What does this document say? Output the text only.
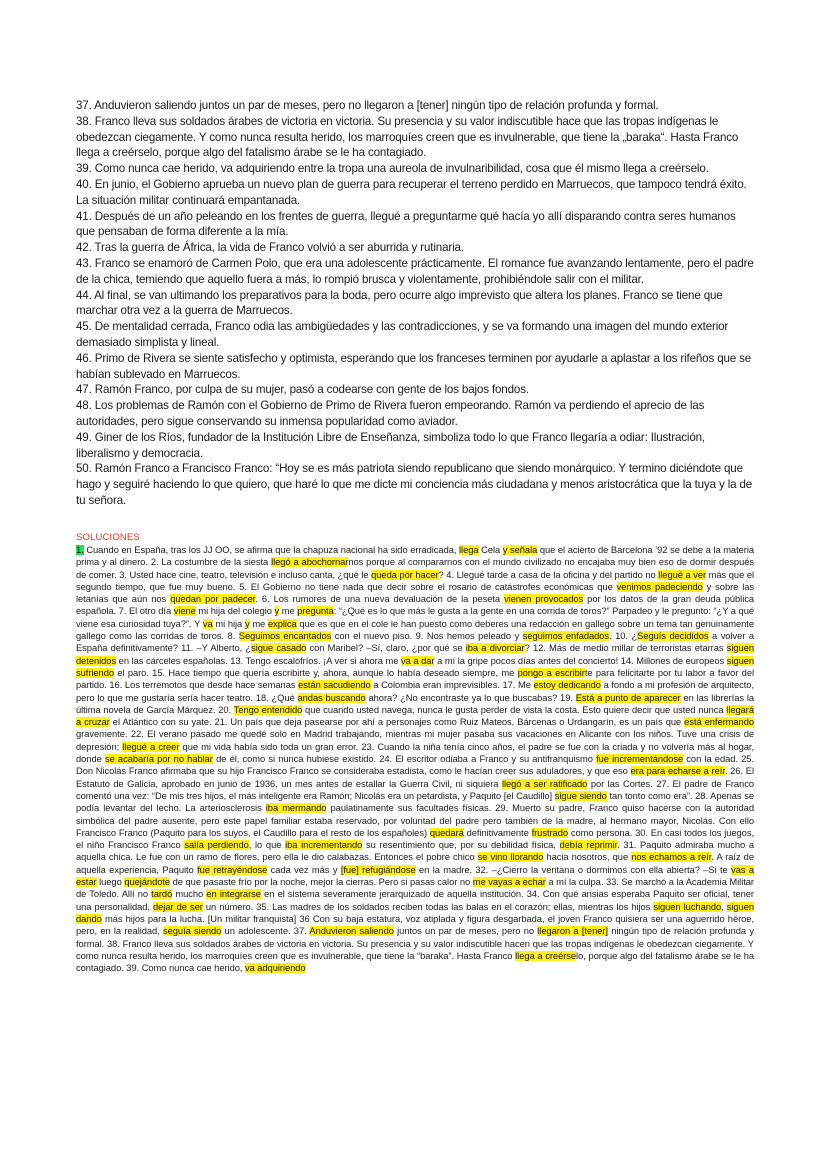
37. Anduvieron saliendo juntos un par de meses, pero no llegaron a [tener] ningún tipo de relación profunda y formal.

38. Franco lleva sus soldados árabes de victoria en victoria. Su presencia y su valor indiscutible hace que las tropas indígenas le obedezcan ciegamente. Y como nunca resulta herido, los marroquíes creen que es invulnerable, que tiene la „baraka“. Hasta Franco llega a creérselo, porque algo del fatalismo árabe se le ha contagiado.

39. Como nunca cae herido, va adquiriendo entre la tropa una aureola de invulnaribilidad, cosa que él mismo llega a creérselo.

40. En junio, el Gobierno aprueba un nuevo plan de guerra para recuperar el terreno perdido en Marruecos, que tampoco tendrá éxito. La situación militar continuará empantanada.

41. Después de un año peleando en los frentes de guerra, llegué a preguntarme qué hacía yo allí disparando contra seres humanos que pensaban de forma diferente a la mía.

42. Tras la guerra de África, la vida de Franco volvió a ser aburrida y rutinaria.

43. Franco se enamoró de Carmen Polo, que era una adolescente prácticamente. El romance fue avanzando lentamente, pero el padre de la chica, temiendo que aquello fuera a más, lo rompió brusca y violentamente, prohibiéndole salir con el militar.

44. Al final, se van ultimando los preparativos para la boda, pero ocurre algo imprevisto que altera los planes. Franco se tiene que marchar otra vez a la guerra de Marruecos.

45. De mentalidad cerrada, Franco odia las ambigüedades y las contradicciones, y se va formando una imagen del mundo exterior demasiado simplista y lineal.

46. Primo de Rivera se siente satisfecho y optimista, esperando que los franceses terminen por ayudarle a aplastar a los rifeños que se habían sublevado en Marruecos.

47. Ramón Franco, por culpa de su mujer, pasó a codearse con gente de los bajos fondos.

48. Los problemas de Ramón con el Gobierno de Primo de Rivera fueron empeorando. Ramón va perdiendo el aprecio de las autoridades, pero sigue conservando su inmensa popularidad como aviador.

49. Giner de los Ríos, fundador de la Institución Libre de Enseñanza, simboliza todo lo que Franco llegaría a odiar: Ilustración, liberalismo y democracia.

50. Ramón Franco a Francisco Franco: “Hoy se es más patriota siendo republicano que siendo monárquico. Y termino diciéndote que hago y seguiré haciendo lo que quiero, que haré lo que me dicte mi conciencia más ciudadana y menos aristocrática que la tuya y la de tu señora.

SOLUCIONES
1. Cuando en España, tras los JJ OO, se afirma que la chapuza nacional ha sido erradicada, llega Cela y señala que el acierto de Barcelona ’92 se debe a la materia prima y al dinero. 2. La costumbre de la siesta llegó a abochornarnos porque al compararnos con el mundo civilizado no encajaba muy bien eso de dormir después de comer. 3. Usted hace cine, teatro, televisión e incluso canta, ¿qué le queda por hacer? 4. Llegué tarde a casa de la oficina y del partido no llegué a ver más que el segundo tiempo, que fue muy bueno. 5. El Gobierno no tiene nada que decir sobre el rosario de catástrofes económicas que venimos padeciendo y sobre las letanías que aún nos quedan por padecer. 6. Los rumores de una nueva devaluación de la peseta vienen provocados por los datos de la gran deuda pública española. 7. El otro día viene mi hija del colegio y me pregunta: “¿Qué es lo que más le gusta a la gente en una corrida de toros?” Parpadeo y le pregunto: “¿Y a qué viene esa curiosidad tuya?”. Y va mi hija y me explica que es que en el cole le han puesto como deberes una redacción en gallego sobre un tema tan genuinamente gallego como las corridas de toros. 8. Seguimos encantados con el nuevo piso. 9. Nos hemos peleado y seguimos enfadados. 10. ¿Seguís decididos a volver a España definitivamente? 11. –Y Alberto, ¿sigue casado con Maribel? –Sí, claro, ¿por qué se iba a divorciar? 12. Más de medio millar de terroristas etarras siguen detenidos en las cárceles españolas. 13. Tengo escalofríos. ¡A ver si ahora me va a dar a mí la gripe pocos días antes del concierto! 14. Millones de europeos siguen sufriendo el paro. 15. Hace tiempo que quería escribirte y, ahora, aunque lo había deseado siempre, me pongo a escribirte para felicitarte por tu labor a favor del partido. 16. Los terremotos que desde hace semanas están sacudiendo a Colombia eran imprevisibles. 17. Me estoy dedicando a fondo a mi profesión de arquitecto, pero lo que me gustaría sería hacer teatro. 18. ¿Qué andas buscando ahora? ¿No encontraste ya lo que buscabas? 19. Está a punto de aparecer en las librerías la última novela de García Márquez. 20. Tengo entendido que cuando usted navega, nunca le gusta perder de vista la costa. Esto quiere decir que usted nunca llegará a cruzar el Atlántico con su yate. 21. Un país que deja pasearse por ahí a personajes como Ruiz Mateos, Bárcenas o Urdangarín, es un país que está enfermando gravemente. 22. El verano pasado me quedé solo en Madrid trabajando, mientras mi mujer pasaba sus vacaciones en Alicante con los niños. Tuve una crisis de depresión; llegué a creer que mi vida había sido toda un gran error. 23. Cuando la niña tenía cinco años, el padre se fue con la criada y no volvería más al hogar, donde se acabaría por no hablar de él, como si nunca hubiese existido. 24. El escritor odiaba a Franco y su antifranquismo fue incrementándose con la edad. 25. Don Nicolás Franco afirmaba que su hijo Francisco Franco se consideraba estadista, como le hacían creer sus aduladores, y que eso era para echarse a reír. 26. El Estatuto de Galicia, aprobado en junio de 1936, un mes antes de estallar la Guerra Civil, ni siquiera llegó a ser ratificado por las Cortes. 27. El padre de Franco comentó una vez: “De mis tres hijos, el más inteligente era Ramón; Nicolás era un petardista, y Paquito [el Caudillo] sigue siendo tan tonto como era”. 28. Apenas se podía levantar del lecho. La arteriosclerosis iba mermando paulatinamente sus facultades físicas. 29. Muerto su padre, Franco quiso hacerse con la autoridad simbólica del padre ausente, pero este papel familiar estaba reservado, por voluntad del padre pero también de la madre, al hermano mayor, Nicolás. Con ello Francisco Franco (Paquito para los suyos, el Caudillo para el resto de los españoles) quedará definitivamente frustrado como persona. 30. En casi todos los juegos, el niño Francisco Franco salía perdiendo, lo que iba incrementando su resentimiento que, por su debilidad física, debía reprimir. 31. Paquito admiraba mucho a aquella chica. Le fue con un ramo de flores, pero ella le dio calabazas. Entonces el pobre chico se vino llorando hacia nosotros, que nos echamos a reír. A raíz de aquella experiencia, Paquito fue retrayéndose cada vez más y [fue] refugiándose en la madre. 32. –¿Cierro la ventana o dormimos con ella abierta? –Si te vas a estar luego quejándote de que pasaste frío por la noche, mejor la cierras. Pero si pasas calor no me vayas a echar a mí la culpa. 33. Se marchó a la Academia Militar de Toledo. Allí no tardó mucho en integrarse en el sistema severamente jerarquizado de aquella institución. 34. Con qué ansias esperaba Paquito ser oficial, tener una personalidad, dejar de ser un número. 35. Las madres de los soldados reciben todas las balas en el corazón; ellas, mientras los hijos siguen luchando, siguen dando más hijos para la lucha. [Un militar franquista] 36 Con su baja estatura, voz atiplada y figura desgarbada, el joven Franco quisiera ser una aguerrido héroe, pero, en la realidad, seguía siendo un adolescente. 37. Anduvieron saliendo juntos un par de meses, pero no llegaron a [tener] ningún tipo de relación profunda y formal. 38. Franco lleva sus soldados árabes de victoria en victoria. Su presencia y su valor indiscutible hacen que las tropas indígenas le obedezcan ciegamente. Y como nunca resulta herido, los marroquíes creen que es invulnerable, que tiene la “baraka”. Hasta Franco llega a creérselo, porque algo del fatalismo árabe se le ha contagiado. 39. Como nunca cae herido, va adquiriendo
